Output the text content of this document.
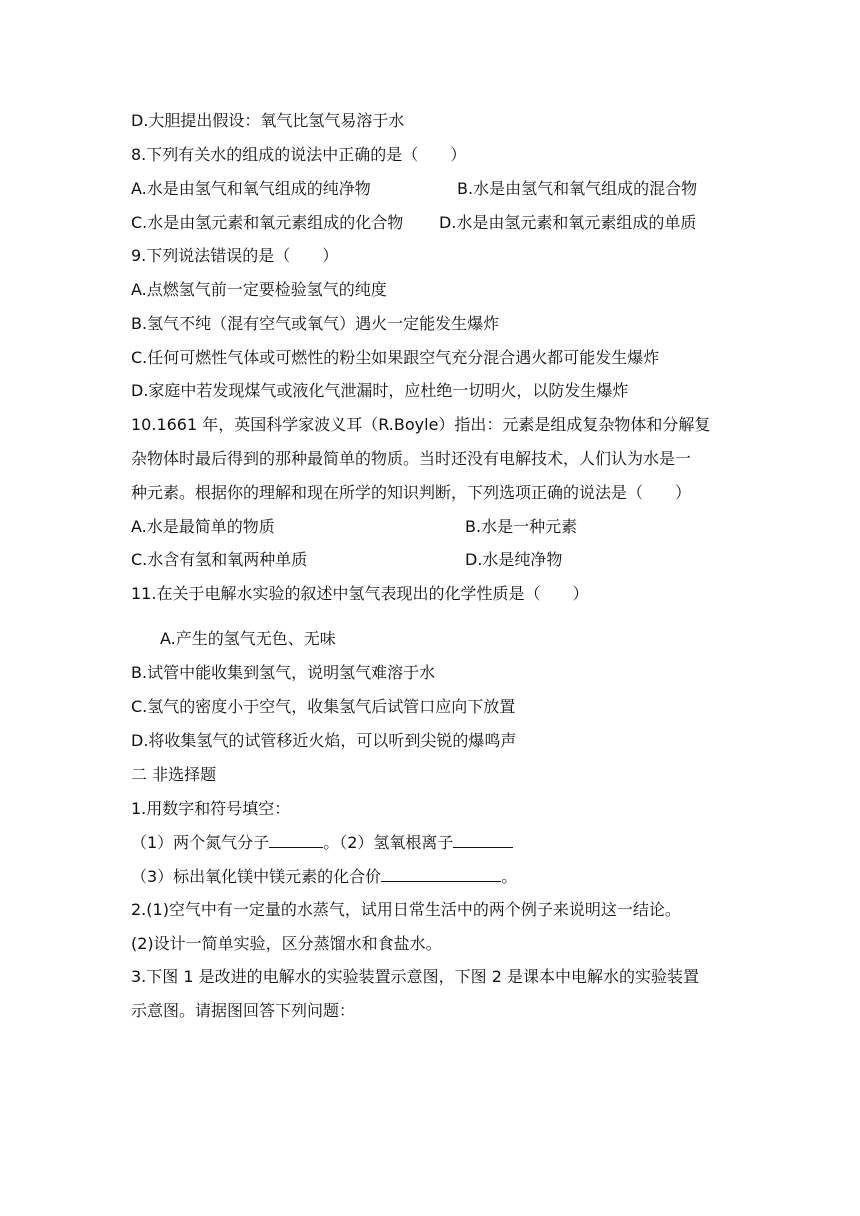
D.大胆提出假设：氧气比氢气易溶于水
8.下列有关水的组成的说法中正确的是（　　）
A.水是由氢气和氧气组成的纯净物	B.水是由氢气和氧气组成的混合物
C.水是由氢元素和氧元素组成的化合物 D.水是由氢元素和氧元素组成的单质
9.下列说法错误的是（　　）
A.点燃氢气前一定要检验氢气的纯度
B.氢气不纯（混有空气或氧气）遇火一定能发生爆炸
C.任何可燃性气体或可燃性的粉尘如果跟空气充分混合遇火都可能发生爆炸
D.家庭中若发现煤气或液化气泄漏时，应杜绝一切明火，以防发生爆炸
10.1661 年，英国科学家波义耳（R.Boyle）指出：元素是组成复杂物体和分解复
杂物体时最后得到的那种最简单的物质。当时还没有电解技术，人们认为水是一
种元素。根据你的理解和现在所学的知识判断，下列选项正确的说法是（　　）
A.水是最简单的物质	B.水是一种元素
C.水含有氢和氧两种单质	D.水是纯净物
11.在关于电解水实验的叙述中氢气表现出的化学性质是（　　）
A.产生的氢气无色、无味
B.试管中能收集到氢气，说明氢气难溶于水
C.氢气的密度小于空气，收集氢气后试管口应向下放置
D.将收集氢气的试管移近火焰，可以听到尖锐的爆鸣声
二 非选择题
1.用数字和符号填空：
（1）两个氮气分子	。（2）氢氧根离子
（3）标出氧化镁中镁元素的化合价	。
2.(1)空气中有一定量的水蒸气，试用日常生活中的两个例子来说明这一结论。
(2)设计一简单实验，区分蒸馏水和食盐水。
3.下图 1 是改进的电解水的实验装置示意图，下图 2 是课本中电解水的实验装置
示意图。请据图回答下列问题：
